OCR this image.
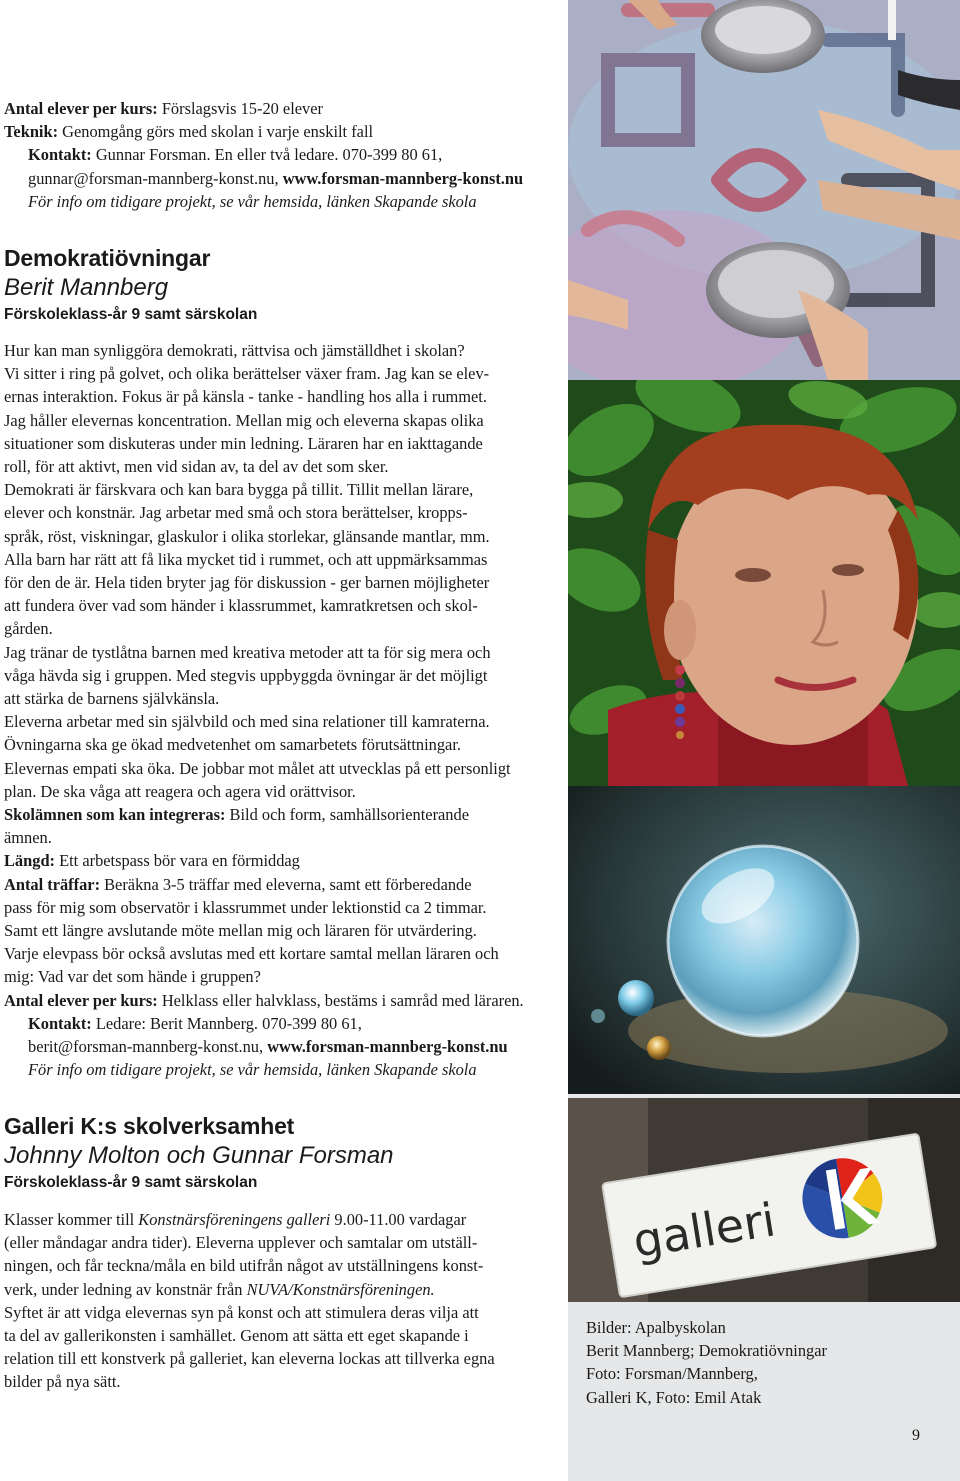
galleri
Bilder: Apalbyskolan
Berit Mannberg; Demokratiövningar
Foto: Forsman/Mannberg,
Galleri K, Foto: Emil Atak
9

Antal elever per kurs: Förslagsvis 15-20 elever

Teknik: Genomgång görs med skolan i varje enskilt fall

Kontakt: Gunnar Forsman. En eller två ledare. 070-399 80 61,

gunnar@forsman-mannberg-konst.nu, www.forsman-mannberg-konst.nu

För info om tidigare projekt, se vår hemsida, länken Skapande skola

Demokratiövningar
Berit Mannberg
Förskoleklass-år 9 samt särskolan

Hur kan man synliggöra demokrati, rättvisa och jämställdhet i skolan?

Vi sitter i ring på golvet, och olika berättelser växer fram. Jag kan se elev-

ernas interaktion. Fokus är på känsla - tanke - handling hos alla i rummet.

Jag håller elevernas koncentration. Mellan mig och eleverna skapas olika

situationer som diskuteras under min ledning. Läraren har en iakttagande

roll, för att aktivt, men vid sidan av, ta del av det som sker.

Demokrati är färskvara och kan bara bygga på tillit. Tillit mellan lärare,

elever och konstnär. Jag arbetar med små och stora berättelser, kropps-

språk, röst, viskningar, glaskulor i olika storlekar, glänsande mantlar, mm.

Alla barn har rätt att få lika mycket tid i rummet, och att uppmärksammas

för den de är. Hela tiden bryter jag för diskussion - ger barnen möjligheter

att fundera över vad som händer i klassrummet, kamratkretsen och skol-

gården.

Jag tränar de tystlåtna barnen med kreativa metoder att ta för sig mera och

våga hävda sig i gruppen. Med stegvis uppbyggda övningar är det möjligt

att stärka de barnens självkänsla.

Eleverna arbetar med sin självbild och med sina relationer till kamraterna.

Övningarna ska ge ökad medvetenhet om samarbetets förutsättningar.

Elevernas empati ska öka. De jobbar mot målet att utvecklas på ett personligt

plan. De ska våga att reagera och agera vid orättvisor.

Skolämnen som kan integreras: Bild och form, samhällsorienterande

ämnen.

Längd: Ett arbetspass bör vara en förmiddag

Antal träffar: Beräkna 3-5 träffar med eleverna, samt ett förberedande

pass för mig som observatör i klassrummet under lektionstid ca 2 timmar.

Samt ett längre avslutande möte mellan mig och läraren för utvärdering.

Varje elevpass bör också avslutas med ett kortare samtal mellan läraren och

mig: Vad var det som hände i gruppen?

Antal elever per kurs: Helklass eller halvklass, bestäms i samråd med läraren.

Kontakt: Ledare: Berit Mannberg. 070-399 80 61,

berit@forsman-mannberg-konst.nu, www.forsman-mannberg-konst.nu

För info om tidigare projekt, se vår hemsida, länken Skapande skola

Galleri K:s skolverksamhet
Johnny Molton och Gunnar Forsman
Förskoleklass-år 9 samt särskolan

Klasser kommer till Konstnärsföreningens galleri 9.00-11.00 vardagar

(eller måndagar andra tider). Eleverna upplever och samtalar om utställ-

ningen, och får teckna/måla en bild utifrån något av utställningens konst-

verk, under ledning av konstnär från NUVA/Konstnärsföreningen.

Syftet är att vidga elevernas syn på konst och att stimulera deras vilja att

ta del av gallerikonsten i samhället. Genom att sätta ett eget skapande i

relation till ett konstverk på galleriet, kan eleverna lockas att tillverka egna

bilder på nya sätt.
